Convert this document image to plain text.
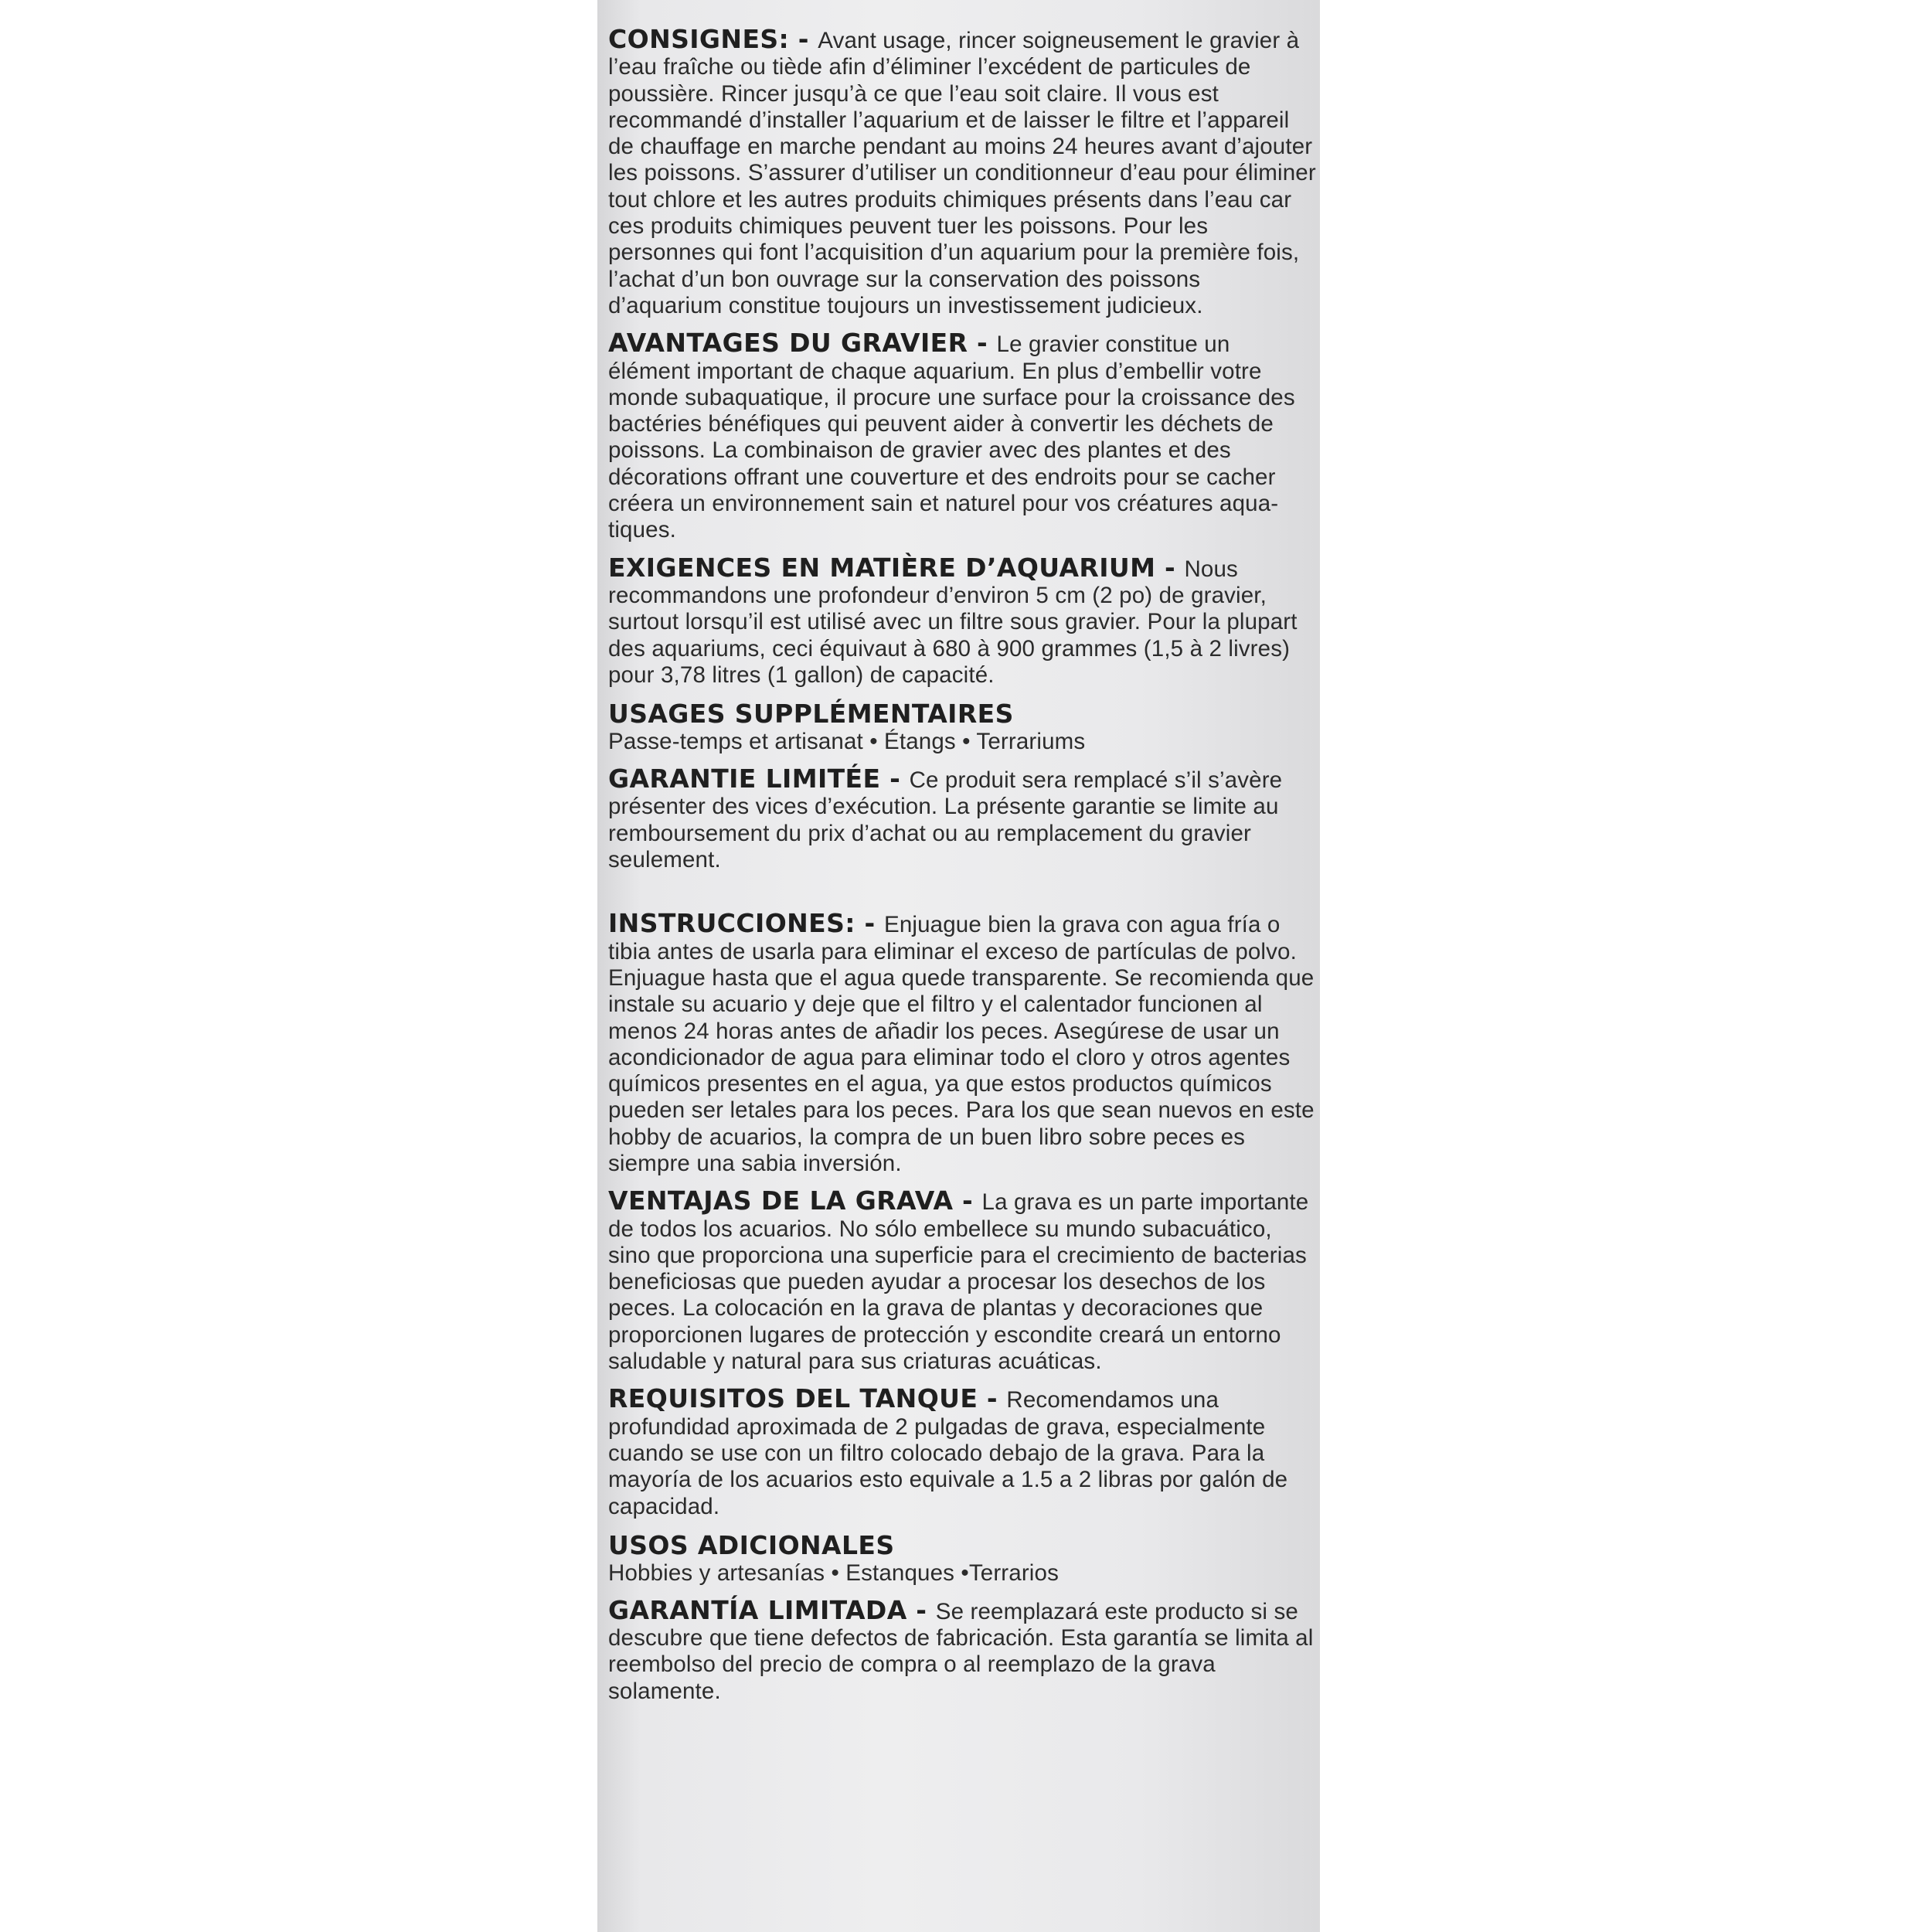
CONSIGNES: - Avant usage, rincer soigneusement le gravier à l’eau fraîche ou tiède afin d’éliminer l’excédent de particules de poussière. Rincer jusqu’à ce que l’eau soit claire. Il vous est recommandé d’installer l’aquarium et de laisser le filtre et l’appareil de chauffage en marche pendant au moins 24 heures avant d’ajouter les poissons. S’assurer d’utiliser un conditionneur d’eau pour éliminer tout chlore et les autres produits chimiques présents dans l’eau car ces produits chimiques peuvent tuer les poissons. Pour les personnes qui font l’acquisition d’un aquarium pour la première fois, l’achat d’un bon ouvrage sur la conservation des poissons d’aquarium constitue toujours un investissement judicieux.
AVANTAGES DU GRAVIER - Le gravier constitue un élément important de chaque aquarium. En plus d’embellir votre monde subaquatique, il procure une surface pour la croissance des bactéries bénéfiques qui peuvent aider à convertir les déchets de poissons. La combinaison de gravier avec des plantes et des décorations offrant une couverture et des endroits pour se cacher créera un environnement sain et naturel pour vos créatures aqua-tiques.
EXIGENCES EN MATIÈRE D’AQUARIUM - Nous recommandons une profondeur d’environ 5 cm (2 po) de gravier, surtout lorsqu’il est utilisé avec un filtre sous gravier. Pour la plupart des aquariums, ceci équivaut à 680 à 900 grammes (1,5 à 2 livres) pour 3,78 litres (1 gallon) de capacité.
USAGES SUPPLÉMENTAIRES
Passe-temps et artisanat • Étangs • Terrariums
GARANTIE LIMITÉE - Ce produit sera remplacé s’il s’avère présenter des vices d’exécution. La présente garantie se limite au remboursement du prix d’achat ou au remplacement du gravier seulement.
INSTRUCCIONES: - Enjuague bien la grava con agua fría o tibia antes de usarla para eliminar el exceso de partículas de polvo. Enjuague hasta que el agua quede transparente. Se recomienda que instale su acuario y deje que el filtro y el calentador funcionen al menos 24 horas antes de añadir los peces. Asegúrese de usar un acondicionador de agua para eliminar todo el cloro y otros agentes químicos presentes en el agua, ya que estos productos químicos pueden ser letales para los peces. Para los que sean nuevos en este hobby de acuarios, la compra de un buen libro sobre peces es siempre una sabia inversión.
VENTAJAS DE LA GRAVA - La grava es un parte importante de todos los acuarios. No sólo embellece su mundo subacuático, sino que proporciona una superficie para el crecimiento de bacterias beneficiosas que pueden ayudar a procesar los desechos de los peces. La colocación en la grava de plantas y decoraciones que proporcionen lugares de protección y escondite creará un entorno saludable y natural para sus criaturas acuáticas.
REQUISITOS DEL TANQUE - Recomendamos una profundidad aproximada de 2 pulgadas de grava, especialmente cuando se use con un filtro colocado debajo de la grava. Para la mayoría de los acuarios esto equivale a 1.5 a 2 libras por galón de capacidad.
USOS ADICIONALES
Hobbies y artesanías • Estanques •Terrarios
GARANTÍA LIMITADA - Se reemplazará este producto si se descubre que tiene defectos de fabricación. Esta garantía se limita al reembolso del precio de compra o al reemplazo de la grava solamente.
